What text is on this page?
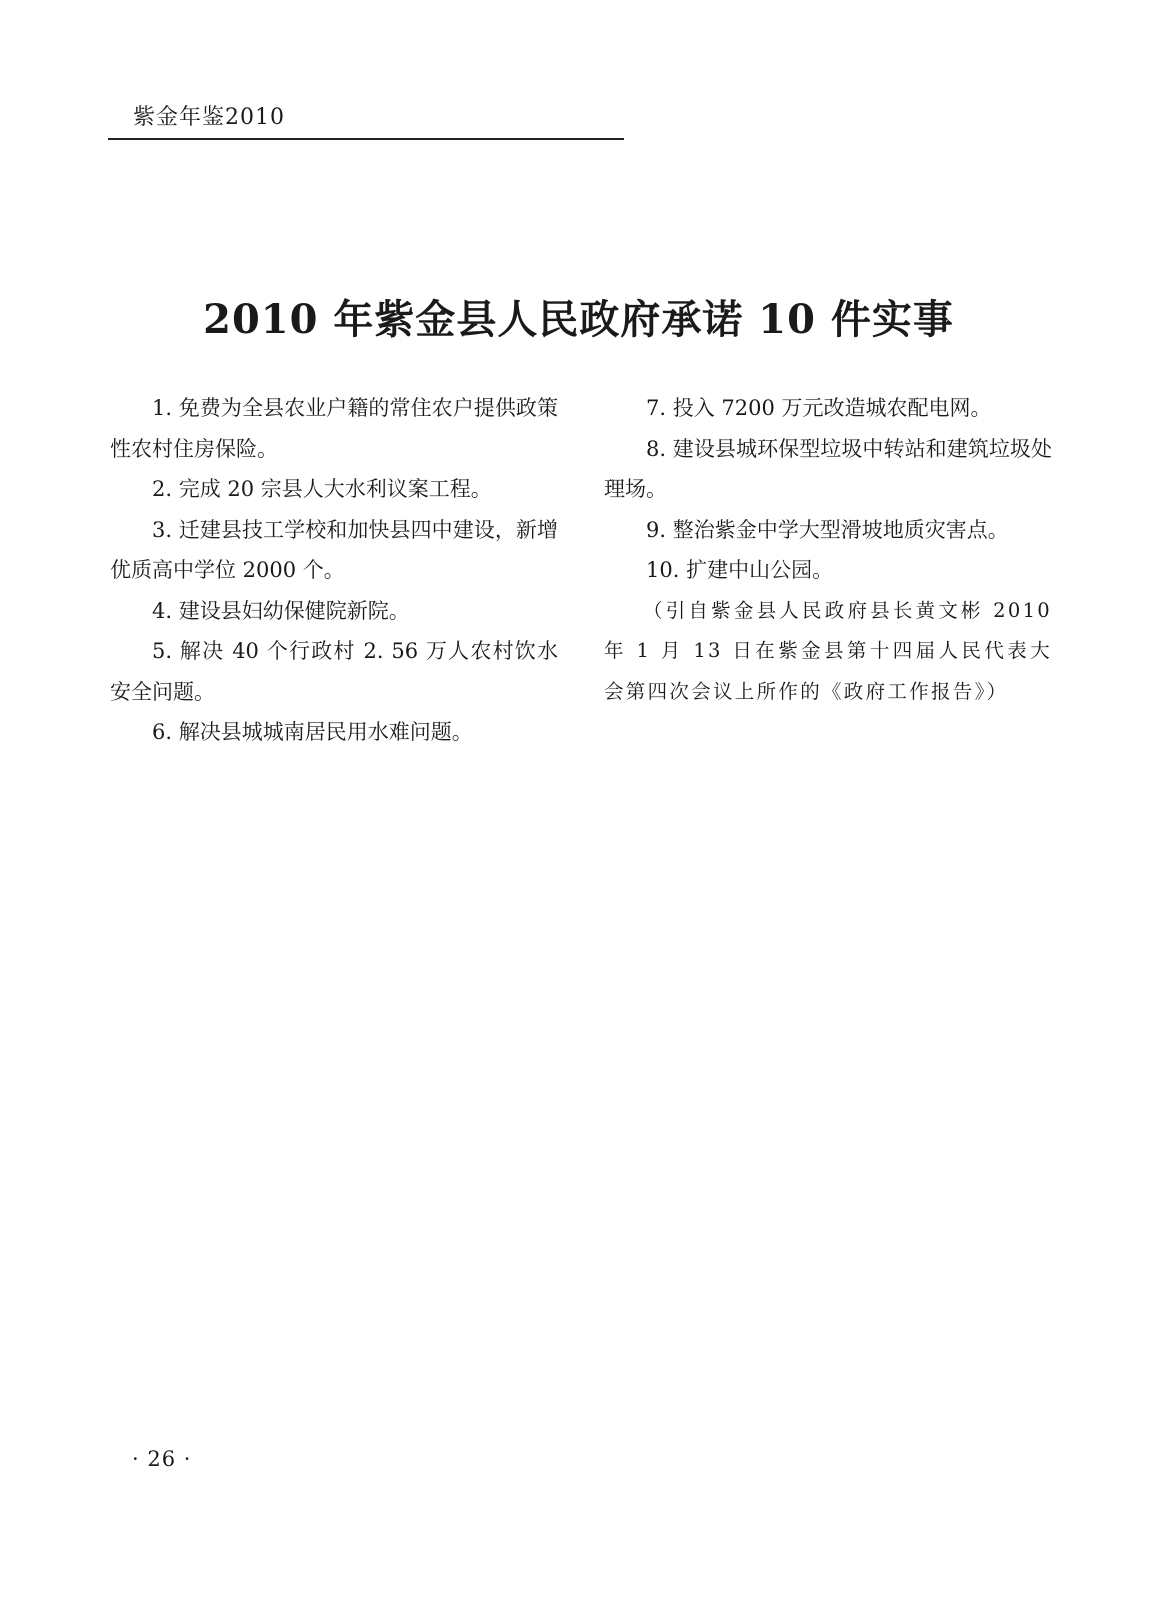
紫金年鉴2010
2010 年紫金县人民政府承诺 10 件实事

1. 免费为全县农业户籍的常住农户提供政策性农村住房保险。

2. 完成 20 宗县人大水利议案工程。

3. 迁建县技工学校和加快县四中建设，新增优质高中学位 2000 个。

4. 建设县妇幼保健院新院。

5. 解决 40 个行政村 2. 56 万人农村饮水安全问题。

6. 解决县城城南居民用水难问题。

7. 投入 7200 万元改造城农配电网。

8. 建设县城环保型垃圾中转站和建筑垃圾处理场。

9. 整治紫金中学大型滑坡地质灾害点。

10. 扩建中山公园。

（引自紫金县人民政府县长黄文彬 2010 年 1 月 13 日在紫金县第十四届人民代表大会第四次会议上所作的《政府工作报告》）

· 26 ·
